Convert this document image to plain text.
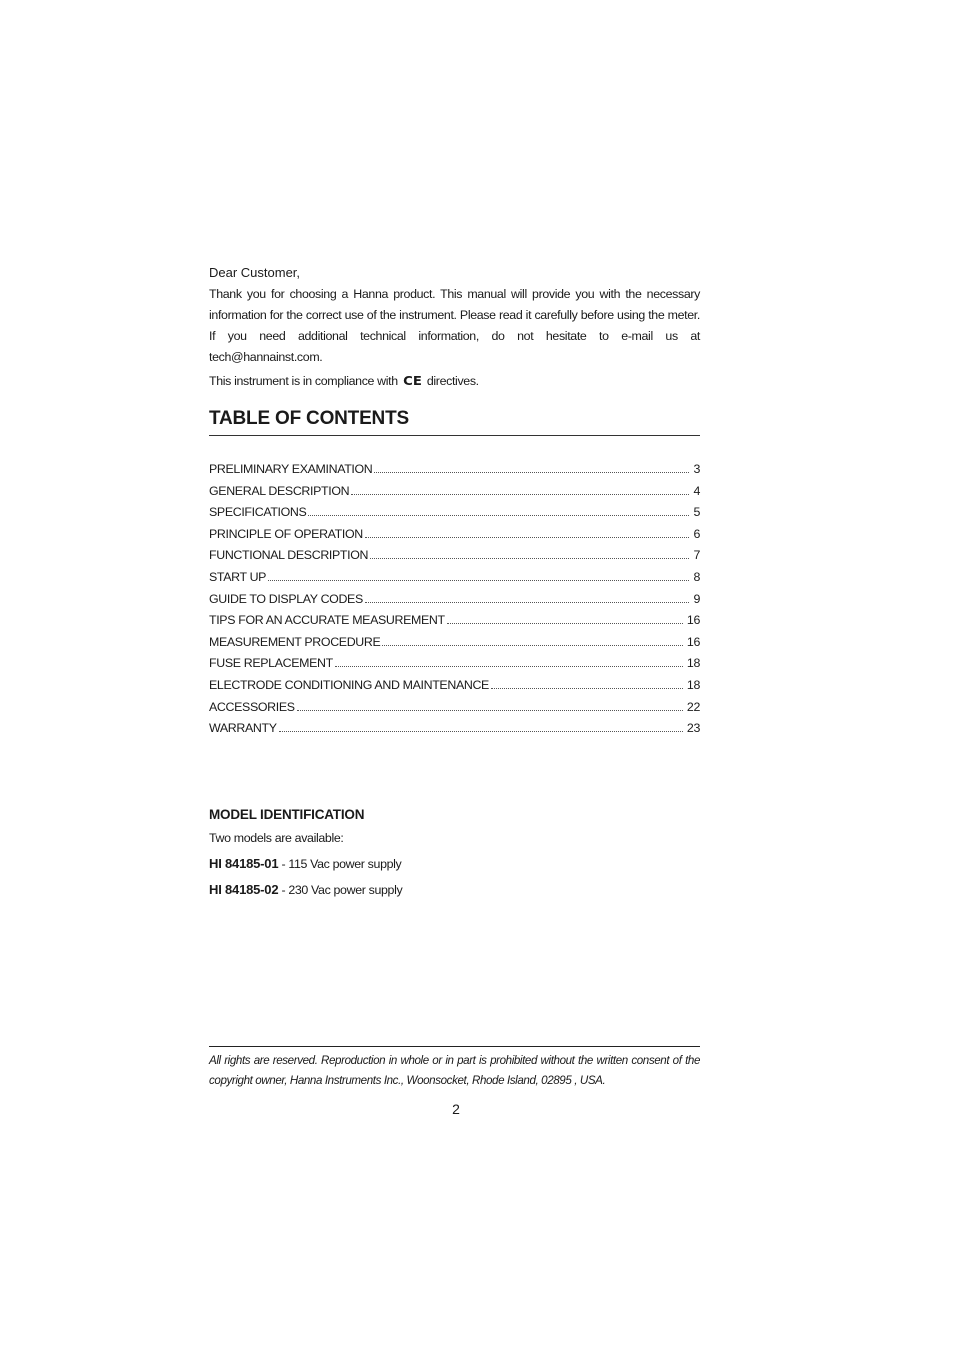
Dear Customer,

Thank you for choosing a Hanna product. This manual will provide you with the necessary

information for the correct use of the instrument. Please read it carefully before using the meter.

If you need additional technical information, do not hesitate to e-mail us at tech@hannainst.com.

This instrument is in compliance with CE directives.
TABLE OF CONTENTS
PRELIMINARY EXAMINATION	3
GENERAL DESCRIPTION	4
SPECIFICATIONS	5
PRINCIPLE OF OPERATION	6
FUNCTIONAL DESCRIPTION	7
START UP	8
GUIDE TO DISPLAY CODES	9
TIPS FOR AN ACCURATE MEASUREMENT	16
MEASUREMENT PROCEDURE	16
FUSE REPLACEMENT	18
ELECTRODE CONDITIONING AND MAINTENANCE	18
ACCESSORIES	22
WARRANTY	23
MODEL IDENTIFICATION
Two models are available:
HI 84185-01 - 115 Vac power supply
HI 84185-02 - 230 Vac power supply

All rights are reserved. Reproduction in whole or in part is prohibited without the written consent of the

copyright owner, Hanna Instruments Inc., Woonsocket, Rhode Island, 02895 , USA.

2
